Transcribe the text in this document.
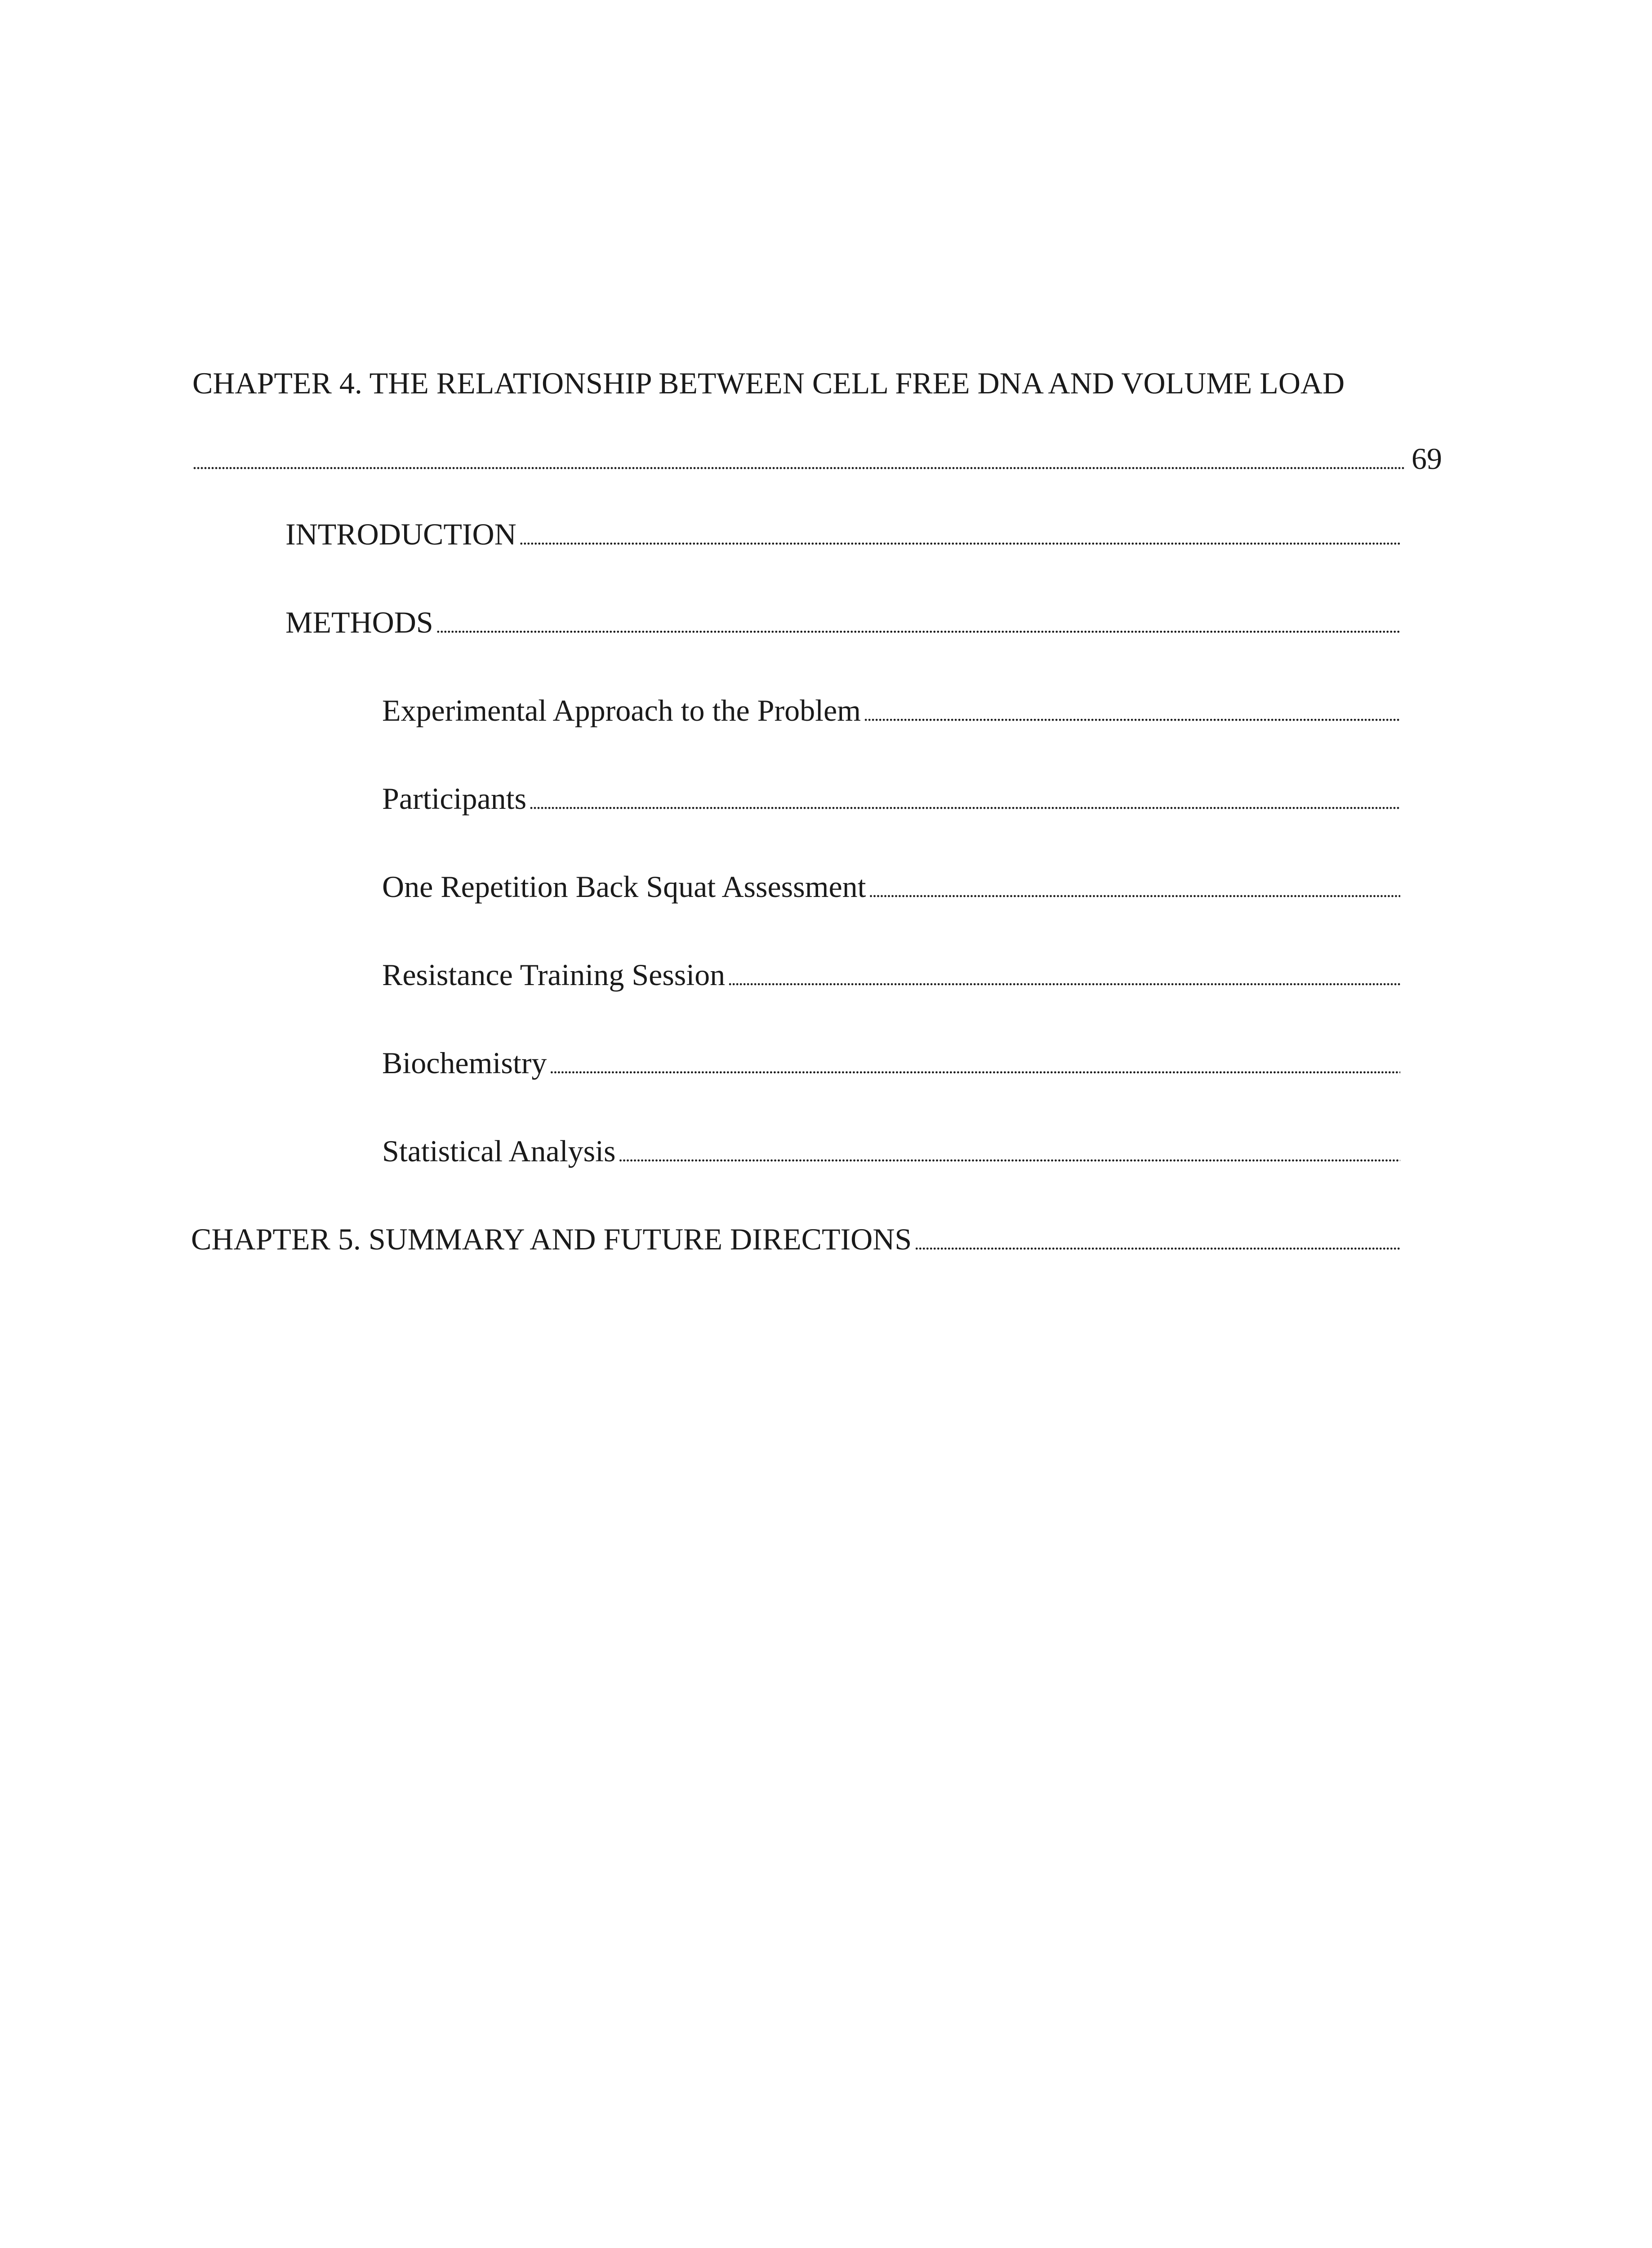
CHAPTER 4. THE RELATIONSHIP BETWEEN CELL FREE DNA AND VOLUME LOAD
. . .
69
INTRODUCTION
. . .
METHODS
. . .
Experimental Approach to the Problem
. . .
Participants
. . .
One Repetition Back Squat Assessment
. . .
Resistance Training Session
. . .
Biochemistry
. . .
Statistical Analysis
. . .
CHAPTER 5. SUMMARY AND FUTURE DIRECTIONS
. . .
